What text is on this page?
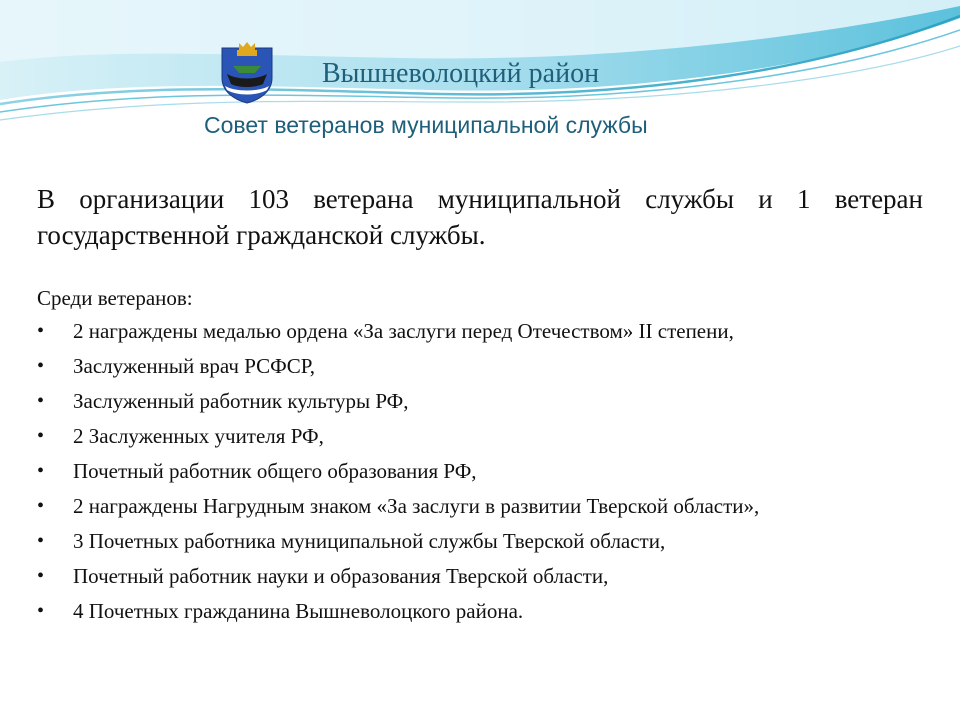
Вышневолоцкий район
Совет ветеранов муниципальной службы

В организации 103 ветерана муниципальной службы и 1 ветеран государственной гражданской службы.

Среди ветеранов:
• 2 награждены медалью ордена «За заслуги перед Отечеством» II степени,
• Заслуженный врач РСФСР,
• Заслуженный работник культуры РФ,
• 2 Заслуженных учителя РФ,
• Почетный работник общего образования РФ,
• 2 награждены Нагрудным знаком «За заслуги в развитии Тверской области»,
• 3 Почетных работника муниципальной службы Тверской области,
• Почетный работник науки и образования Тверской области,
• 4 Почетных гражданина Вышневолоцкого района.
